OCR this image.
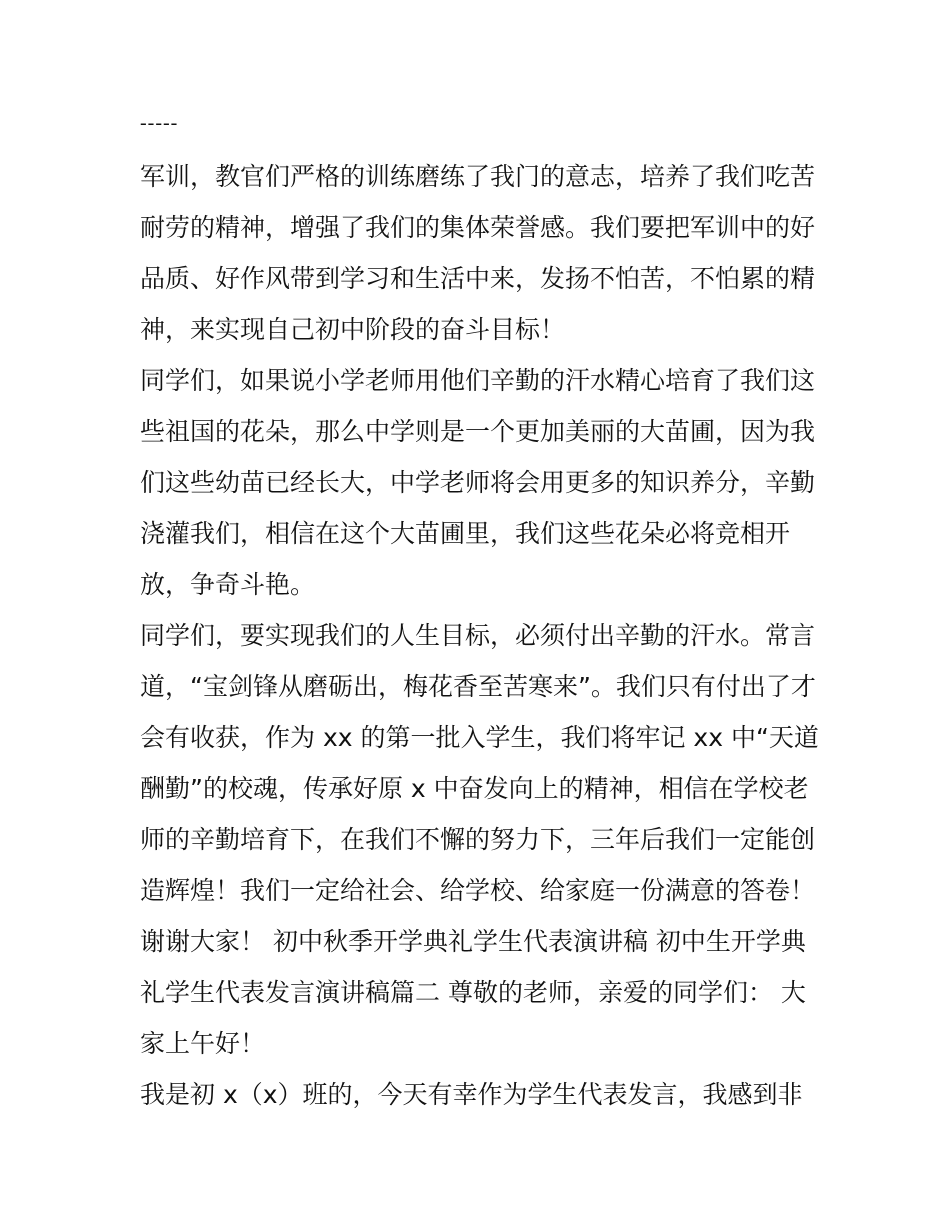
-----
军训，教官们严格的训练磨练了我门的意志，培养了我们吃苦
耐劳的精神，增强了我们的集体荣誉感。我们要把军训中的好
品质、好作风带到学习和生活中来，发扬不怕苦，不怕累的精
神，来实现自己初中阶段的奋斗目标！
同学们，如果说小学老师用他们辛勤的汗水精心培育了我们这
些祖国的花朵，那么中学则是一个更加美丽的大苗圃，因为我
们这些幼苗已经长大，中学老师将会用更多的知识养分，辛勤
浇灌我们，相信在这个大苗圃里，我们这些花朵必将竞相开
放，争奇斗艳。
同学们，要实现我们的人生目标，必须付出辛勤的汗水。常言
道，“宝剑锋从磨砺出，梅花香至苦寒来”。我们只有付出了才
会有收获，作为 xx 的第一批入学生，我们将牢记 xx 中“天道
酬勤”的校魂，传承好原 x 中奋发向上的精神，相信在学校老
师的辛勤培育下，在我们不懈的努力下，三年后我们一定能创
造辉煌！我们一定给社会、给学校、给家庭一份满意的答卷！
谢谢大家！ 初中秋季开学典礼学生代表演讲稿 初中生开学典
礼学生代表发言演讲稿篇二 尊敬的老师，亲爱的同学们： 大
家上午好！
我是初 x（x）班的，今天有幸作为学生代表发言，我感到非
